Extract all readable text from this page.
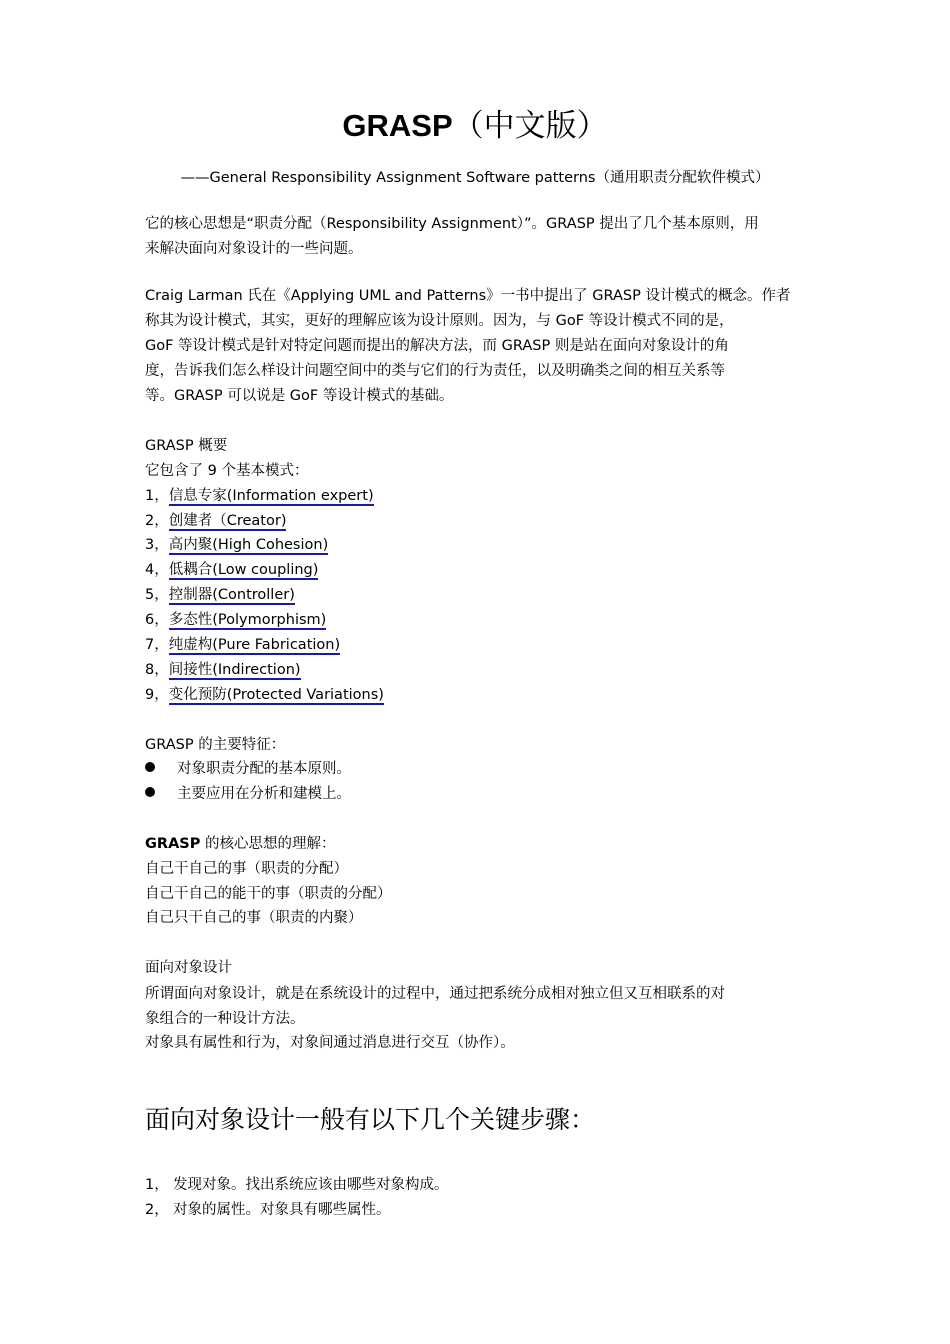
GRASP（中文版）
——General Responsibility Assignment Software patterns（通用职责分配软件模式）
它的核心思想是“职责分配（Responsibility Assignment）”。GRASP 提出了几个基本原则，用
来解决面向对象设计的一些问题。
Craig Larman 氏在《Applying UML and Patterns》一书中提出了 GRASP 设计模式的概念。作者
称其为设计模式，其实，更好的理解应该为设计原则。因为，与 GoF 等设计模式不同的是，
GoF 等设计模式是针对特定问题而提出的解决方法，而 GRASP 则是站在面向对象设计的角
度，告诉我们怎么样设计问题空间中的类与它们的行为责任，以及明确类之间的相互关系等
等。GRASP 可以说是 GoF 等设计模式的基础。
GRASP 概要
它包含了 9 个基本模式：
1，信息专家(Information expert)
2，创建者（Creator)
3，高内聚(High Cohesion)
4，低耦合(Low coupling)
5，控制器(Controller)
6，多态性(Polymorphism)
7，纯虚构(Pure Fabrication)
8，间接性(Indirection)
9，变化预防(Protected Variations)
GRASP 的主要特征：
对象职责分配的基本原则。
主要应用在分析和建模上。
GRASP 的核心思想的理解：
自己干自己的事（职责的分配）
自己干自己的能干的事（职责的分配）
自己只干自己的事（职责的内聚）
面向对象设计
所谓面向对象设计，就是在系统设计的过程中，通过把系统分成相对独立但又互相联系的对
象组合的一种设计方法。
对象具有属性和行为，对象间通过消息进行交互（协作）。
面向对象设计一般有以下几个关键步骤：
1， 发现对象。找出系统应该由哪些对象构成。
2， 对象的属性。对象具有哪些属性。
